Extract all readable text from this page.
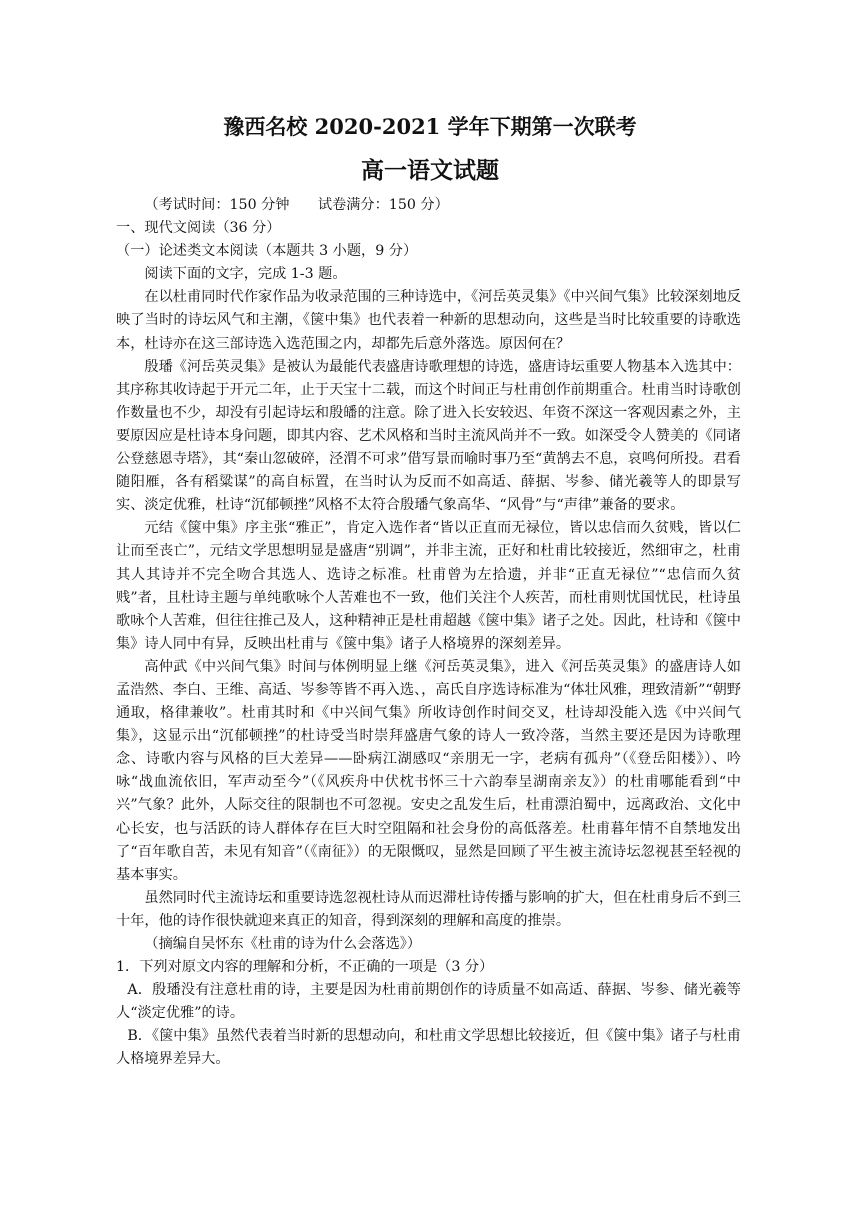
豫西名校 2020-2021 学年下期第一次联考
高一语文试题

（考试时间：150 分钟　　试卷满分：150 分）

一、现代文阅读（36 分）

（一）论述类文本阅读（本题共 3 小题，9 分）

阅读下面的文字，完成 1-3 题。

在以杜甫同时代作家作品为收录范围的三种诗选中，《河岳英灵集》《中兴间气集》比较深刻地反映了当时的诗坛风气和主潮，《箧中集》也代表着一种新的思想动向，这些是当时比较重要的诗歌选本，杜诗亦在这三部诗选入选范围之内，却都先后意外落选。原因何在？

殷璠《河岳英灵集》是被认为最能代表盛唐诗歌理想的诗选，盛唐诗坛重要人物基本入选其中：其序称其收诗起于开元二年，止于天宝十二载，而这个时间正与杜甫创作前期重合。杜甫当时诗歌创作数量也不少，却没有引起诗坛和殷皤的注意。除了进入长安较迟、年资不深这一客观因素之外，主要原因应是杜诗本身问题，即其内容、艺术风格和当时主流风尚并不一致。如深受令人赞美的《同诸公登慈恩寺塔》，其“秦山忽破碎，泾渭不可求”借写景而喻时事乃至“黄鹄去不息，哀鸣何所投。君看随阳雁，各有稻粱谋”的高自标置，在当时认为反而不如高适、薛据、岑参、储光羲等人的即景写实、淡定优雅，杜诗“沉郁顿挫”风格不太符合殷璠气象高华、“风骨”与“声律”兼备的要求。

元结《箧中集》序主张“雅正”，肯定入选作者“皆以正直而无禄位，皆以忠信而久贫贱，皆以仁让而至丧亡”，元结文学思想明显是盛唐“别调”，并非主流，正好和杜甫比较接近，然细审之，杜甫其人其诗并不完全吻合其选人、选诗之标准。杜甫曾为左拾遗，并非“正直无禄位”“忠信而久贫贱”者，且杜诗主题与单纯歌咏个人苦难也不一致，他们关注个人疾苦，而杜甫则忧国忧民，杜诗虽歌咏个人苦难，但往往推己及人，这种精神正是杜甫超越《箧中集》诸子之处。因此，杜诗和《箧中集》诗人同中有异，反映出杜甫与《箧中集》诸子人格境界的深刻差异。

高仲武《中兴间气集》时间与体例明显上继《河岳英灵集》，进入《河岳英灵集》的盛唐诗人如孟浩然、李白、王维、高适、岑参等皆不再入选、，高氏自序选诗标准为“体壮风雅，理致清新”“朝野通取，格律兼收”。杜甫其时和《中兴间气集》所收诗创作时间交叉，杜诗却没能入选《中兴间气集》，这显示出“沉郁顿挫”的杜诗受当时崇拜盛唐气象的诗人一致冷落，当然主要还是因为诗歌理念、诗歌内容与风格的巨大差异——卧病江湖感叹“亲朋无一字，老病有孤舟”（《登岳阳楼》）、吟咏“战血流依旧，军声动至今”（《风疾舟中伏枕书怀三十六韵奉呈湖南亲友》）的杜甫哪能看到“中兴”气象？此外，人际交往的限制也不可忽视。安史之乱发生后，杜甫漂泊蜀中，远离政治、文化中心长安，也与活跃的诗人群体存在巨大时空阻隔和社会身份的高低落差。杜甫暮年情不自禁地发出了“百年歌自苦，未见有知音”（《南征》）的无限慨叹，显然是回顾了平生被主流诗坛忽视甚至轻视的基本事实。

虽然同时代主流诗坛和重要诗选忽视杜诗从而迟滞杜诗传播与影响的扩大，但在杜甫身后不到三十年，他的诗作很快就迎来真正的知音，得到深刻的理解和高度的推崇。

（摘编自吴怀东《杜甫的诗为什么会落选》）

1．下列对原文内容的理解和分析，不正确的一项是（3 分）

A．殷璠没有注意杜甫的诗，主要是因为杜甫前期创作的诗质量不如高适、薛据、岑参、储光羲等人“淡定优雅”的诗。

B．《箧中集》虽然代表着当时新的思想动向，和杜甫文学思想比较接近，但《箧中集》诸子与杜甫人格境界差异大。
